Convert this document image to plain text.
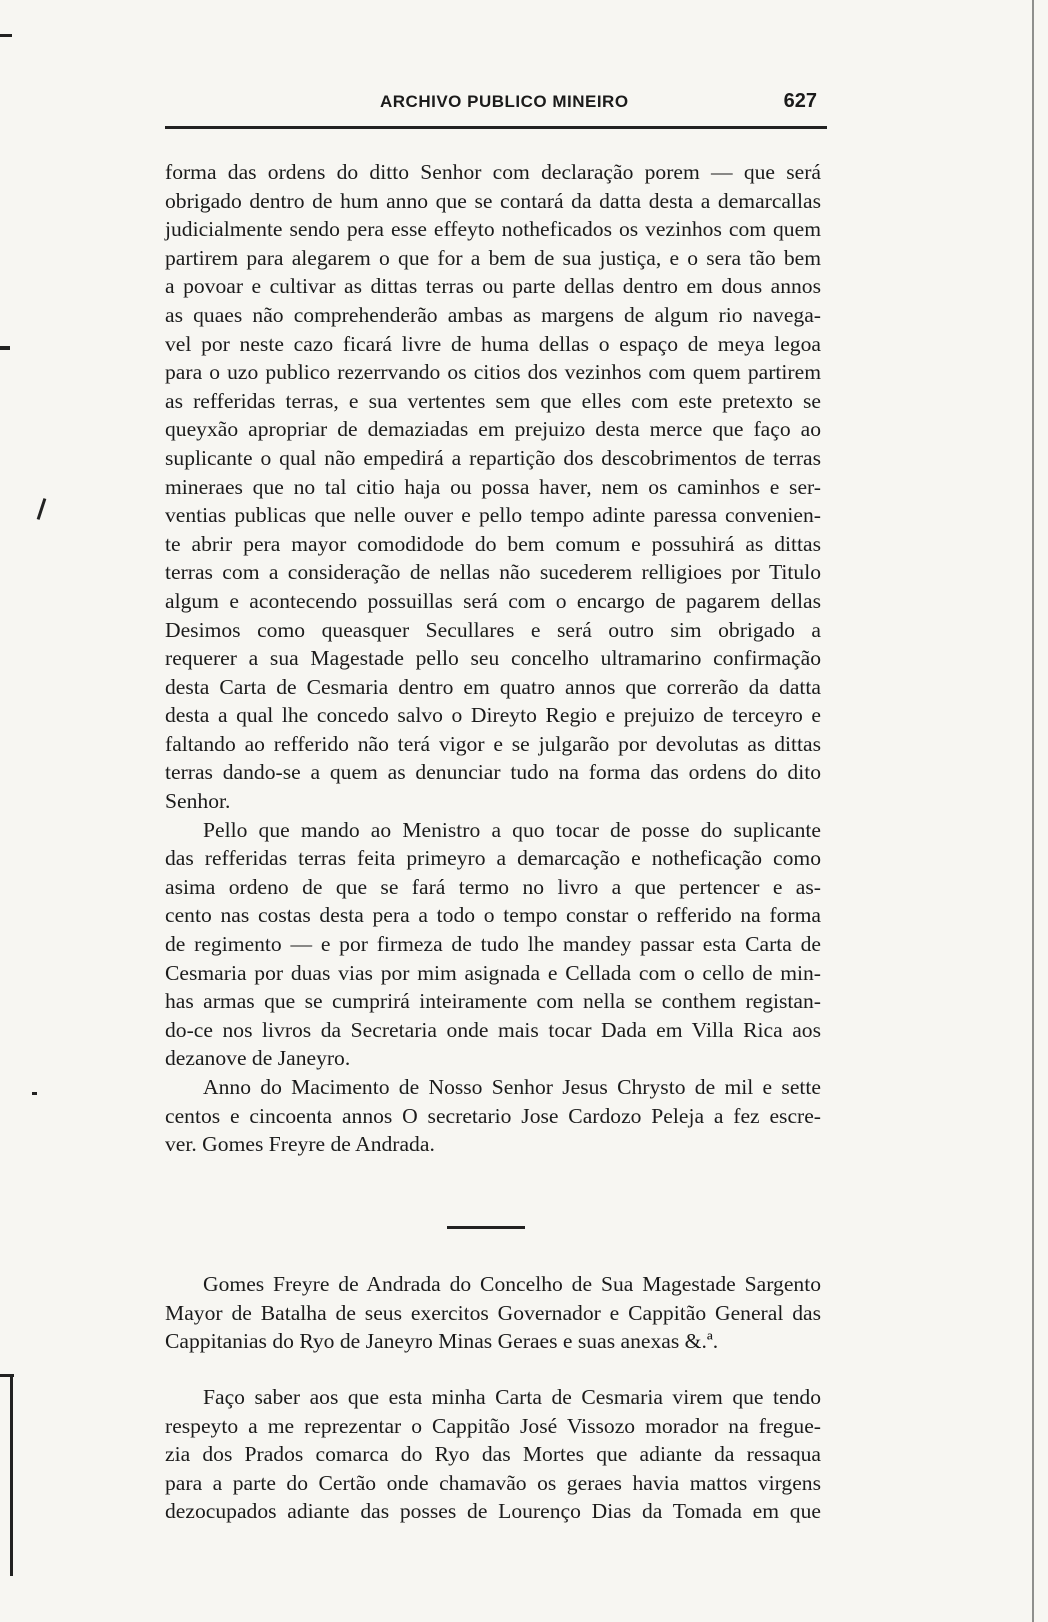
ARCHIVO PUBLICO MINEIRO	627
forma das ordens do ditto Senhor com declaração porem — que será
obrigado dentro de hum anno que se contará da datta desta a demarcallas
judicialmente sendo pera esse effeyto notheficados os vezinhos com quem
partirem para alegarem o que for a bem de sua justiça, e o sera tão bem
a povoar e cultivar as dittas terras ou parte dellas dentro em dous annos
as quaes não comprehenderão ambas as margens de algum rio navega-
vel por neste cazo ficará livre de huma dellas o espaço de meya legoa
para o uzo publico rezerrvando os citios dos vezinhos com quem partirem
as refferidas terras, e sua vertentes sem que elles com este pretexto se
queyxão apropriar de demaziadas em prejuizo desta merce que faço ao
suplicante o qual não empedirá a repartição dos descobrimentos de terras
mineraes que no tal citio haja ou possa haver, nem os caminhos e ser-
ventias publicas que nelle ouver e pello tempo adinte paressa convenien-
te abrir pera mayor comodidode do bem comum e possuhirá as dittas
terras com a consideração de nellas não sucederem relligioes por Titulo
algum e acontecendo possuillas será com o encargo de pagarem dellas
Desimos como queasquer Secullares e será outro sim obrigado a
requerer a sua Magestade pello seu concelho ultramarino confirmação
desta Carta de Cesmaria dentro em quatro annos que correrão da datta
desta a qual lhe concedo salvo o Direyto Regio e prejuizo de terceyro e
faltando ao refferido não terá vigor e se julgarão por devolutas as dittas
terras dando-se a quem as denunciar tudo na forma das ordens do dito
Senhor.
Pello que mando ao Menistro a quo tocar de posse do suplicante
das refferidas terras feita primeyro a demarcação e notheficação como
asima ordeno de que se fará termo no livro a que pertencer e as-
cento nas costas desta pera a todo o tempo constar o refferido na forma
de regimento — e por firmeza de tudo lhe mandey passar esta Carta de
Cesmaria por duas vias por mim asignada e Cellada com o cello de min-
has armas que se cumprirá inteiramente com nella se conthem registan-
do-ce nos livros da Secretaria onde mais tocar Dada em Villa Rica aos
dezanove de Janeyro.
Anno do Macimento de Nosso Senhor Jesus Chrysto de mil e sette
centos e cincoenta annos O secretario Jose Cardozo Peleja a fez escre-
ver. Gomes Freyre de Andrada.
Gomes Freyre de Andrada do Concelho de Sua Magestade Sargento
Mayor de Batalha de seus exercitos Governador e Cappitão General das
Cappitanias do Ryo de Janeyro Minas Geraes e suas anexas &.ª.
Faço saber aos que esta minha Carta de Cesmaria virem que tendo
respeyto a me reprezentar o Cappitão José Vissozo morador na fregue-
zia dos Prados comarca do Ryo das Mortes que adiante da ressaqua
para a parte do Certão onde chamavão os geraes havia mattos virgens
dezocupados adiante das posses de Lourenço Dias da Tomada em que
